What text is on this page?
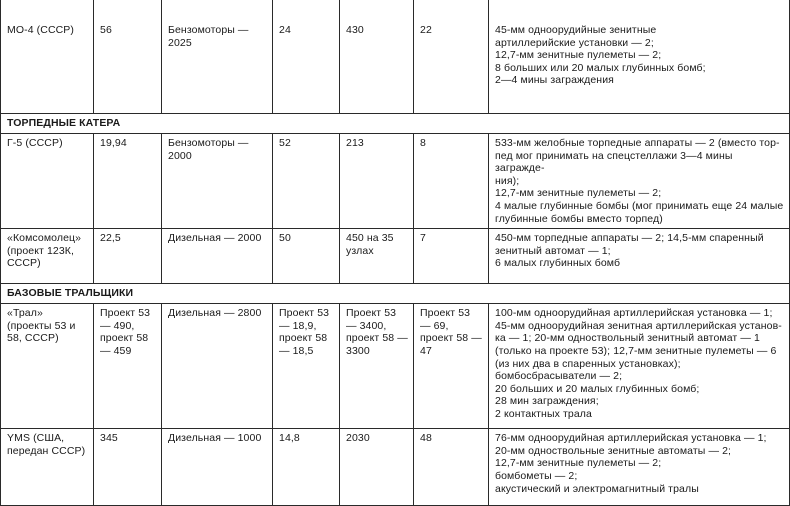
МО-4 (СССР)	56	Бензомоторы — 2025	24	430	22	45-мм одноорудийные зенитные
артиллерийские установки — 2;
12,7-мм зенитные пулеметы — 2;
8 больших или 20 малых глубинных бомб;
2—4 мины заграждения

ТОРПЕДНЫЕ КАТЕРА						
Г-5 (СССР)	19,94	Бензомоторы — 2000	52	213	8	533-мм желобные торпедные аппараты — 2 (вместо тор-
пед мог принимать на спецстеллажи 3—4 мины загражде-
ния);
12,7-мм зенитные пулеметы — 2;
4 малые глубинные бомбы (мог принимать еще 24 малые
глубинные бомбы вместо торпед)

«Комсомолец» (проект 123К, СССР)	22,5	Дизельная — 2000	50	450 на 35 узлах	7	450-мм торпедные аппараты — 2; 14,5-мм спаренный
зенитный автомат — 1;
6 малых глубинных бомб

БАЗОВЫЕ ТРАЛЬЩИКИ						
«Трал» (проекты 53 и 58, СССР)	Проект 53 — 490, проект 58 — 459	Дизельная — 2800	Проект 53 — 18,9, проект 58 — 18,5	Проект 53 — 3400, проект 58 — 3300	Проект 53 — 69, проект 58 — 47	
100-мм одноорудийная артиллерийская установка — 1;
45-мм одноорудийная зенитная артиллерийская установ-
ка — 1; 20-мм одноствольный зенитный автомат — 1
(только на проекте 53); 12,7-мм зенитные пулеметы — 6
(из них два в спаренных установках);
бомбосбрасыватели — 2;
20 больших и 20 малых глубинных бомб;
28 мин заграждения;
2 контактных трала

YMS (США, передан СССР)	345	Дизельная — 1000	14,8	2030	48	76-мм одноорудийная артиллерийская установка — 1;
20-мм одноствольные зенитные автоматы — 2;
12,7-мм зенитные пулеметы — 2;
бомбометы — 2;
акустический и электромагнитный тралы
